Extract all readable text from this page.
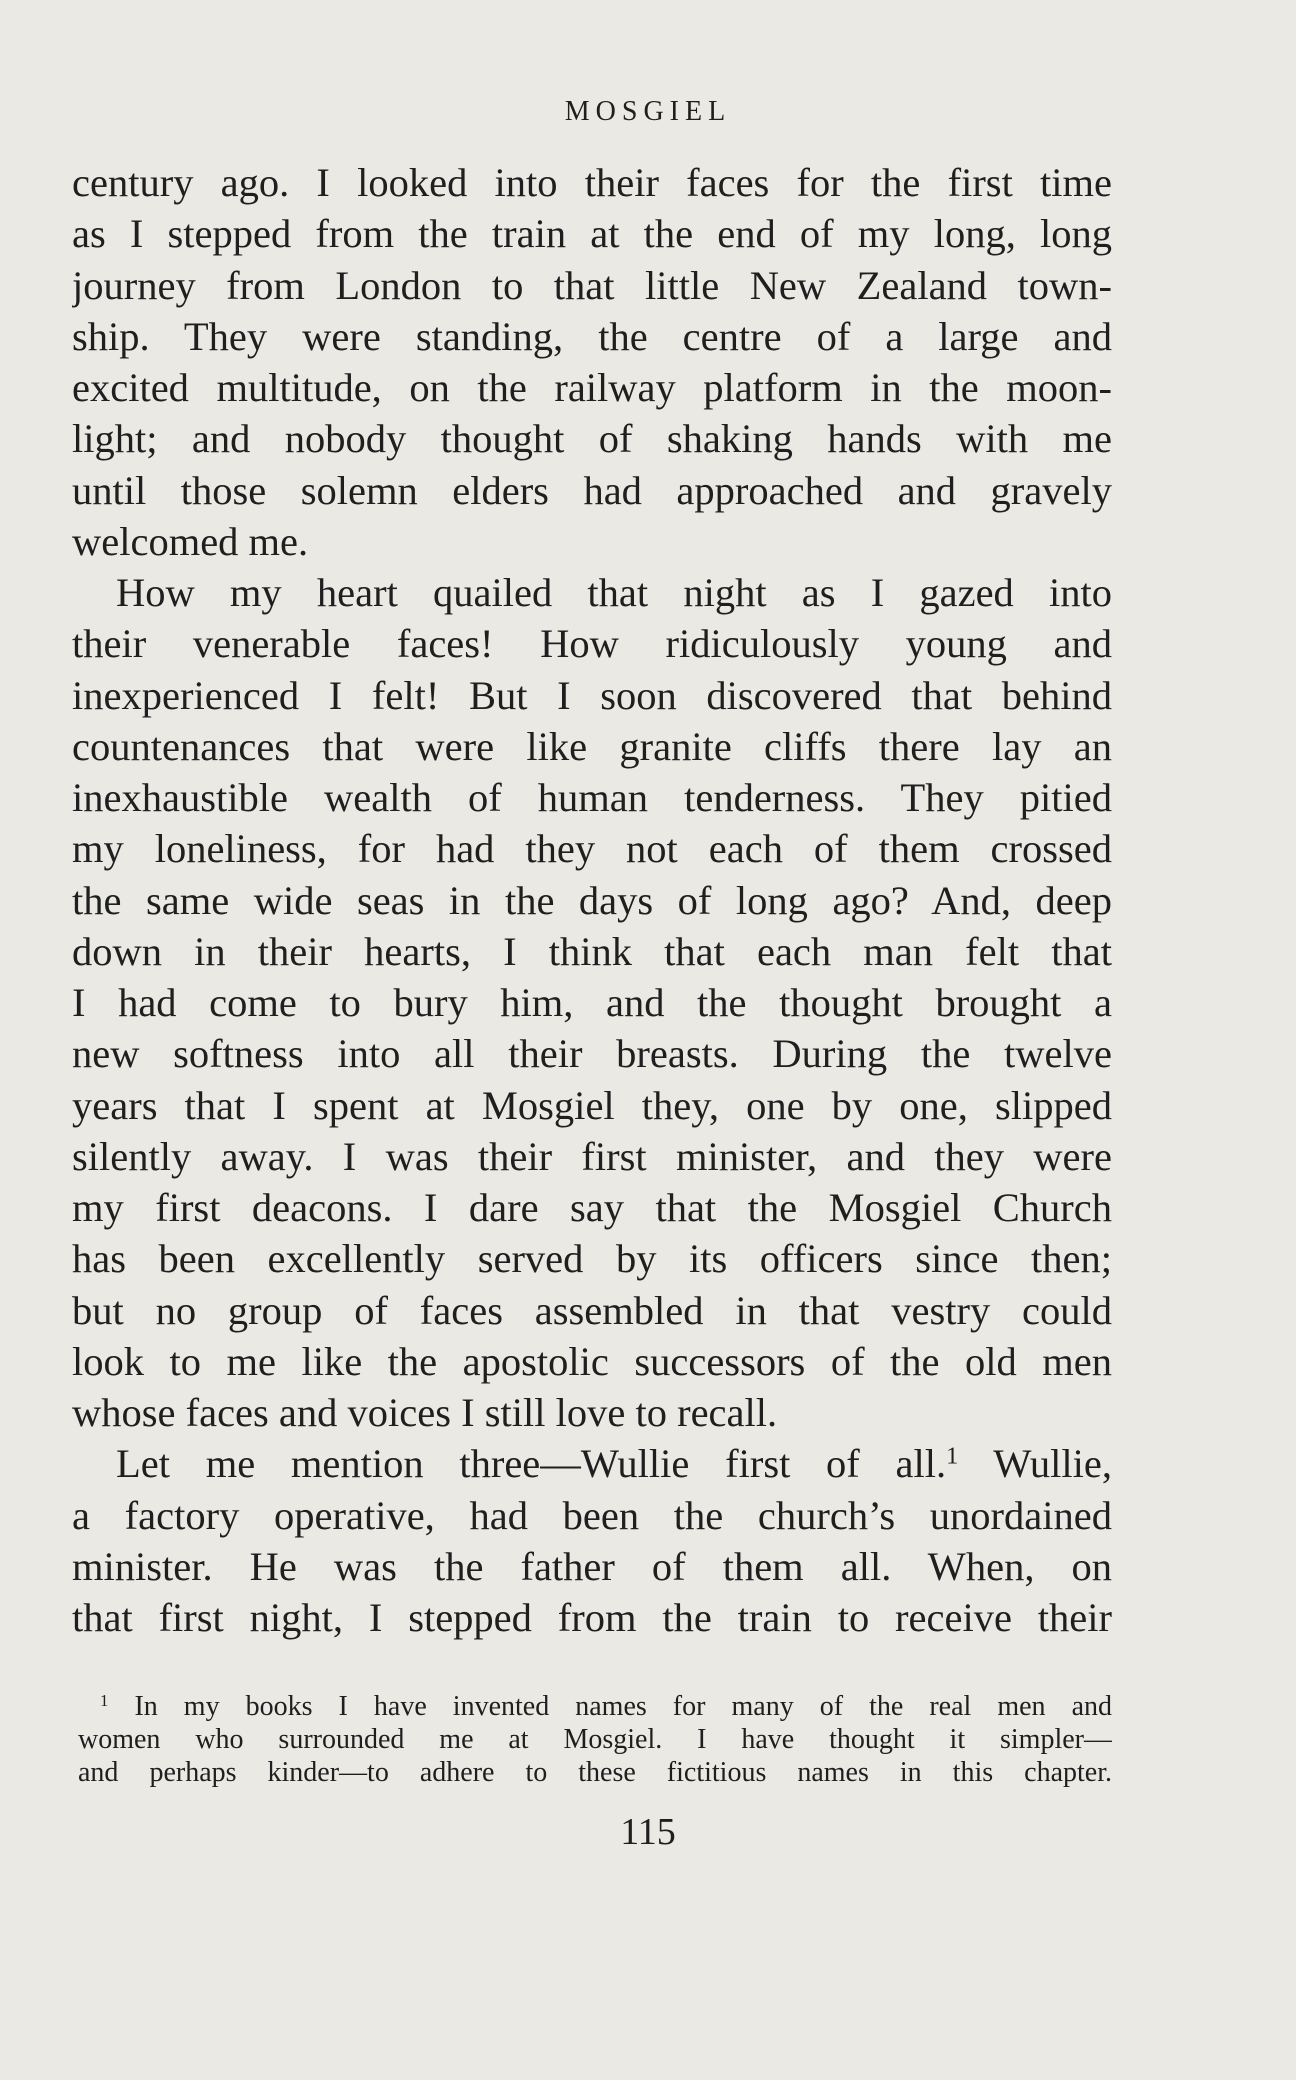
MOSGIEL
century ago. I looked into their faces for the first time
as I stepped from the train at the end of my long, long
journey from London to that little New Zealand town-
ship. They were standing, the centre of a large and
excited multitude, on the railway platform in the moon-
light; and nobody thought of shaking hands with me
until those solemn elders had approached and gravely
welcomed me.
How my heart quailed that night as I gazed into
their venerable faces! How ridiculously young and
inexperienced I felt! But I soon discovered that behind
countenances that were like granite cliffs there lay an
inexhaustible wealth of human tenderness. They pitied
my loneliness, for had they not each of them crossed
the same wide seas in the days of long ago? And, deep
down in their hearts, I think that each man felt that
I had come to bury him, and the thought brought a
new softness into all their breasts. During the twelve
years that I spent at Mosgiel they, one by one, slipped
silently away. I was their first minister, and they were
my first deacons. I dare say that the Mosgiel Church
has been excellently served by its officers since then;
but no group of faces assembled in that vestry could
look to me like the apostolic successors of the old men
whose faces and voices I still love to recall.
Let me mention three—Wullie first of all.$^1$ Wullie,
a factory operative, had been the church’s unordained
minister. He was the father of them all. When, on
that first night, I stepped from the train to receive their
$^1$ In my books I have invented names for many of the real men and
women who surrounded me at Mosgiel. I have thought it simpler—
and perhaps kinder—to adhere to these fictitious names in this chapter.
115
